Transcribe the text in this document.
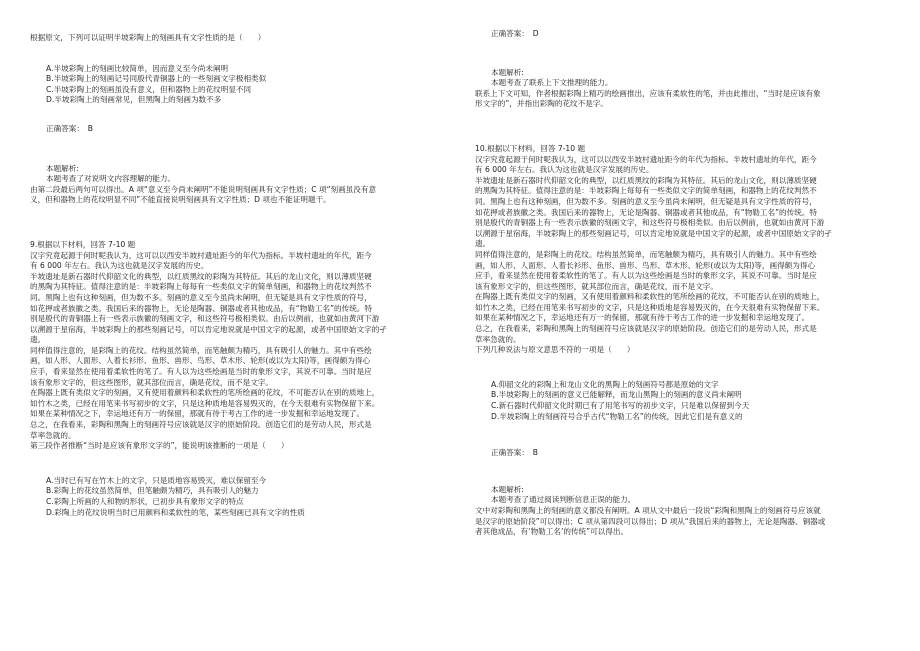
根据原文，下列可以证明半坡彩陶上的刻画具有文字性质的是（　　）

A.半坡彩陶上的刻画比较简单，因而意义至今尚未阐明

B.半坡彩陶上的刻画记号同殷代青铜器上的一些刻画文字极相类似

C.半坡彩陶上的刻画虽没有意义，但和器物上的花纹明显不同

D.半坡彩陶上的刻画常见，但黑陶上的刻画为数不多

正确答案：　B

本题解析:

本题考查了对说明文内容理解的能力。

由第二段最后两句可以得出。A 项“意义至今尚未阐明”不能说明刻画具有文字性质；C 项“刻画虽没有意

义，但和器物上的花纹明显不同”不能直接说明刻画具有文字性质；D 项也不能证明题干。

9.根据以下材料，回答 7-10 题

汉字究竟起源于何时呢我认为，这可以以西安半坡村遗址距今的年代为指标。半坡村遗址的年代，距今

有 6 000 年左右。我认为这也就是汉字发展的历史。

半坡遗址是新石器时代仰韶文化的典型，以红质黑纹的彩陶为其特征。其后的龙山文化，则以薄质坚硬

的黑陶为其特征。值得注意的是：半坡彩陶上每每有一些类似文字的简单刻画，和器物上的花纹判然不

同。黑陶上也有这种刻画，但为数不多。刻画的意义至今虽尚未阐明，但无疑是具有文字性质的符号，

如花押或者族徽之类。我国后来的器物上，无论是陶器、铜器或者其他成品，有“物勒工名”的传统。特

别是殷代的青铜器上有一些表示族徽的刻画文字，和这些符号极相类似。由后以例前，也就如由黄河下游

以溯源于星宿海，半坡彩陶上的那些刻画记号，可以肯定地说就是中国文字的起源，或者中国原始文字的孑

遗。

同样值得注意的，是彩陶上的花纹。结构虽然简单，而笔触颇为精巧，具有吸引人的魅力。其中有些绘

画，如人形、人面形、人着长衫形、鱼形、兽形、鸟形、草木形、轮形(或以为太阳)等，画得颇为得心

应手，看来显然在使用着柔软性的笔了。有人以为这些绘画是当时的象形文字，其说不可靠。当时是应

该有象形文字的，但这些图形，就其部位而言，确是花纹，而不是文字。

在陶器上既有类似文字的刻画，又有使用着颜料和柔软性的笔所绘画的花纹，不可能否认在别的质地上，

如竹木之类，已经在用笔来书写初步的文字，只是这种质地是容易毁灭的，在今天很难有实物保留下来。

如果在某种情况之下，幸运地还有万一的保留，那就有待于考古工作的进一步发掘和幸运地发现了。

总之，在我看来，彩陶和黑陶上的刻画符号应该就是汉字的原始阶段。创造它们的是劳动人民，形式是

草率急就的。

第三段作者推断“当时是应该有象形文字的”，能说明该推断的一项是（　　）

A.当时已有写在竹木上的文字，只是质地容易毁灭，难以保留至今

B.彩陶上的花纹虽然简单，但笔触颇为精巧，具有吸引人的魅力

C.彩陶上所画的人和物的形状，已初步具有象形文字的特点

D.彩陶上的花纹说明当时已用颜料和柔软性的笔，某些刻画已具有文字的性质

正确答案：　D

本题解析:

本题考查了联系上下文推理的能力。

联系上下文可知，作者根据彩陶上精巧的绘画推出，应该有柔软性的笔，并由此推出，“当时是应该有象

形文字的”，并指出彩陶的花纹不是字。

10.根据以下材料，回答 7-10 题

汉字究竟起源于何时呢我认为，这可以以西安半坡村遗址距今的年代为指标。半坡村遗址的年代，距今

有 6 000 年左右。我认为这也就是汉字发展的历史。

半坡遗址是新石器时代仰韶文化的典型，以红质黑纹的彩陶为其特征。其后的龙山文化，则以薄质坚硬

的黑陶为其特征。值得注意的是：半坡彩陶上每每有一些类似文字的简单刻画，和器物上的花纹判然不

同。黑陶上也有这种刻画，但为数不多。刻画的意义至今虽尚未阐明，但无疑是具有文字性质的符号，

如花押或者族徽之类。我国后来的器物上，无论是陶器、铜器或者其他成品，有“物勒工名”的传统。特

别是殷代的青铜器上有一些表示族徽的刻画文字，和这些符号极相类似。由后以例前，也就如由黄河下游

以溯源于星宿海，半坡彩陶上的那些刻画记号，可以肯定地说就是中国文字的起源，或者中国原始文字的孑

遗。

同样值得注意的，是彩陶上的花纹。结构虽然简单，而笔触颇为精巧，具有吸引人的魅力。其中有些绘

画，如人形、人面形、人着长衫形、鱼形、兽形、鸟形、草木形、轮形(或以为太阳)等，画得颇为得心

应手，看来显然在使用着柔软性的笔了。有人以为这些绘画是当时的象形文字，其说不可靠。当时是应

该有象形文字的，但这些图形，就其部位而言，确是花纹，而不是文字。

在陶器上既有类似文字的刻画，又有使用着颜料和柔软性的笔所绘画的花纹，不可能否认在别的质地上，

如竹木之类，已经在用笔来书写初步的文字，只是这种质地是容易毁灭的，在今天很难有实物保留下来。

如果在某种情况之下，幸运地还有万一的保留，那就有待于考古工作的进一步发掘和幸运地发现了。

总之，在我看来，彩陶和黑陶上的刻画符号应该就是汉字的原始阶段。创造它们的是劳动人民，形式是

草率急就的。

下列几种说法与原文意思不符的一项是（　　）

A.仰韶文化的彩陶上和龙山文化的黑陶上的刻画符号都是原始的文字

B.半坡彩陶上的刻画的意义已能解释，而龙山黑陶上的刻画的意义尚未阐明

C.新石器时代仰韶文化时期已有了用笔书写的初步文字，只是难以保留到今天

D.半坡彩陶上的刻画符号合乎古代“物勒工名”的传统，因此它们是有意义的

正确答案：　B

本题解析:

本题考查了通过阅读判断信息正误的能力。

文中对彩陶和黑陶上的刻画的意义都没有阐明。A 项从文中最后一段说“彩陶和黑陶上的刻画符号应该就

是汉字的原始阶段”可以得出；C 项从第四段可以得出；D 项从“我国后来的器物上，无论是陶器、铜器或

者其他成品，有‘物勒工名’的传统”可以得出。
